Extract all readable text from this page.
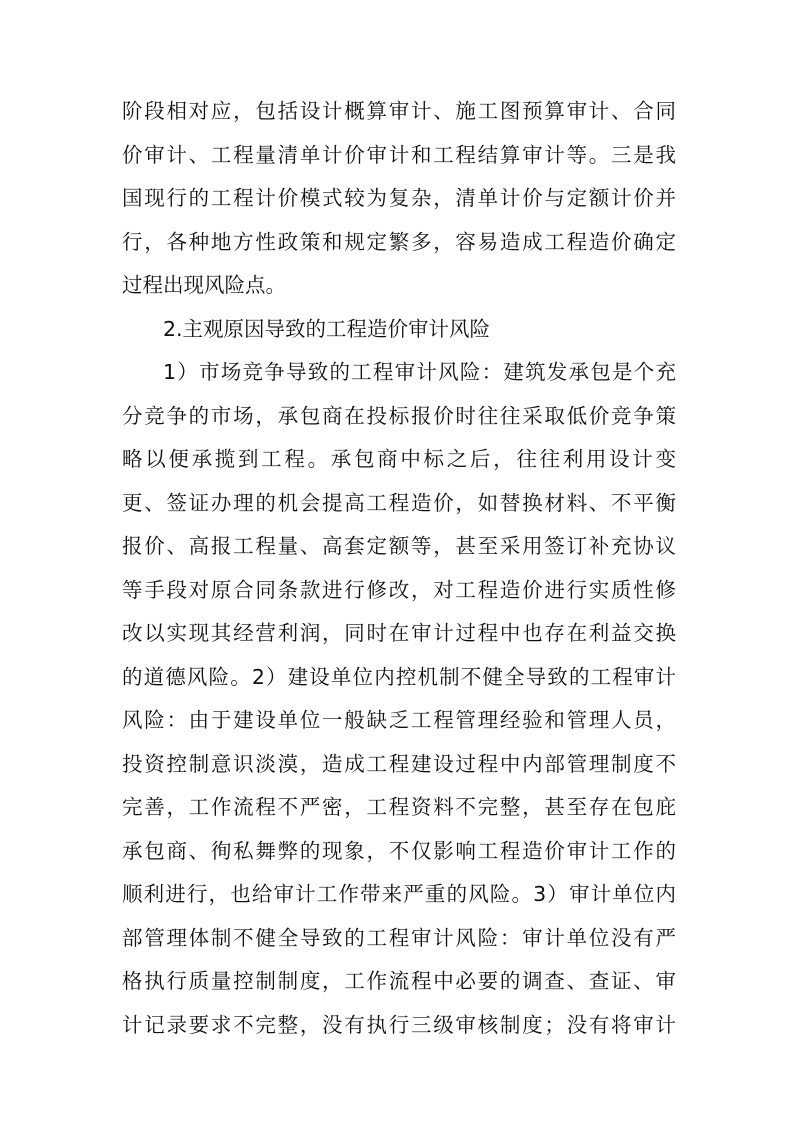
阶段相对应，包括设计概算审计、施工图预算审计、合同
价审计、工程量清单计价审计和工程结算审计等。三是我
国现行的工程计价模式较为复杂，清单计价与定额计价并
行，各种地方性政策和规定繁多，容易造成工程造价确定
过程出现风险点。
2.主观原因导致的工程造价审计风险
1）市场竞争导致的工程审计风险：建筑发承包是个充
分竞争的市场，承包商在投标报价时往往采取低价竞争策
略以便承揽到工程。承包商中标之后，往往利用设计变
更、签证办理的机会提高工程造价，如替换材料、不平衡
报价、高报工程量、高套定额等，甚至采用签订补充协议
等手段对原合同条款进行修改，对工程造价进行实质性修
改以实现其经营利润，同时在审计过程中也存在利益交换
的道德风险。2）建设单位内控机制不健全导致的工程审计
风险：由于建设单位一般缺乏工程管理经验和管理人员，
投资控制意识淡漠，造成工程建设过程中内部管理制度不
完善，工作流程不严密，工程资料不完整，甚至存在包庇
承包商、徇私舞弊的现象，不仅影响工程造价审计工作的
顺利进行，也给审计工作带来严重的风险。3）审计单位内
部管理体制不健全导致的工程审计风险：审计单位没有严
格执行质量控制制度，工作流程中必要的调查、查证、审
计记录要求不完整，没有执行三级审核制度；没有将审计
